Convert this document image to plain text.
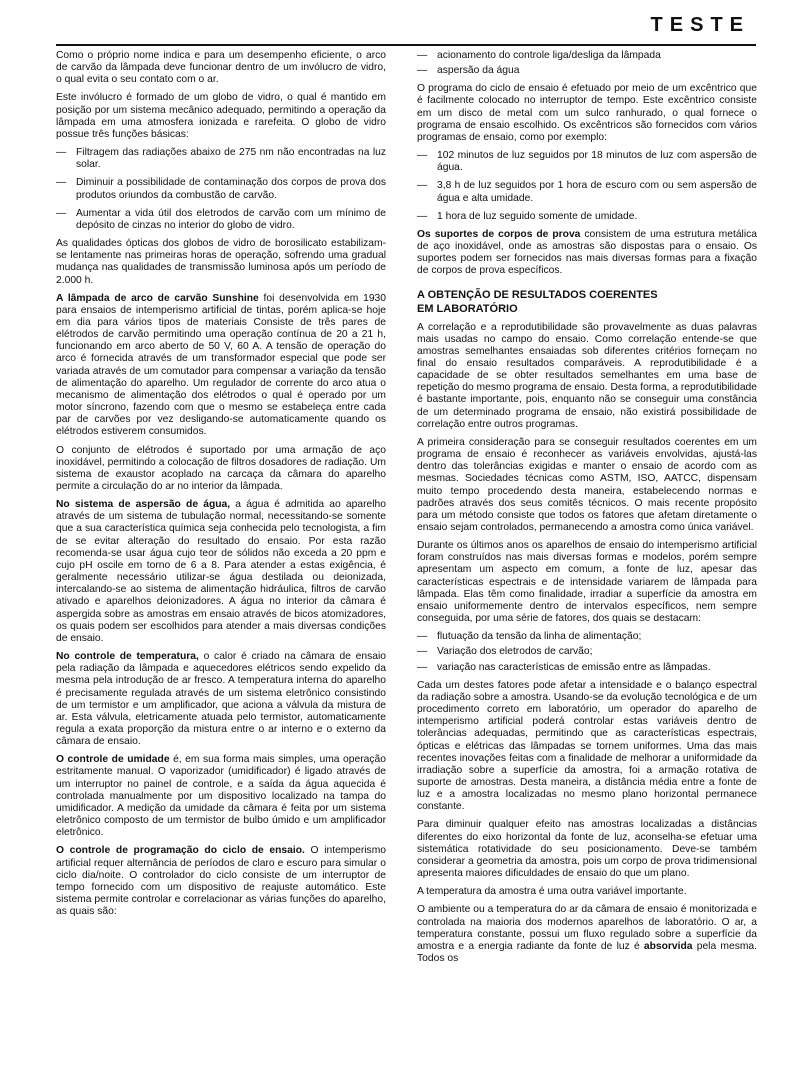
TESTE

Como o próprio nome indica e para um desempenho eficiente, o arco de carvão da lâmpada deve funcionar dentro de um invólucro de vidro, o qual evita o seu contato com o ar.

Este invólucro é formado de um globo de vidro, o qual é mantido em posição por um sistema mecânico adequado, permitindo a operação da lâmpada em uma atmosfera ionizada e rarefeita. O globo de vidro possue três funções básicas:

— Filtragem das radiações abaixo de 275 nm não encontradas na luz solar.
— Diminuir a possibilidade de contaminação dos corpos de prova dos produtos oriundos da combustão de carvão.
— Aumentar a vida útil dos eletrodos de carvão com um mínimo de depósito de cinzas no interior do globo de vidro.

As qualidades ópticas dos globos de vidro de borosilicato estabilizam-se lentamente nas primeiras horas de operação, sofrendo uma gradual mudança nas qualidades de transmissão luminosa após um período de 2.000 h.

A lâmpada de arco de carvão Sunshine foi desenvolvida em 1930 para ensaios de intemperismo artificial de tintas, porém aplica-se hoje em dia para vários tipos de materiais Consiste de três pares de elétrodos de carvão permitindo uma operação contínua de 20 a 21 h, funcionando em arco aberto de 50 V, 60 A. A tensão de operação do arco é fornecida através de um transformador especial que pode ser variada através de um comutador para compensar a variação da tensão de alimentação do aparelho. Um regulador de corrente do arco atua o mecanismo de alimentação dos elétrodos o qual é operado por um motor síncrono, fazendo com que o mesmo se estabeleça entre cada par de carvões por vez desligando-se automaticamente quando os elétrodos estiverem consumidos.

O conjunto de elétrodos é suportado por uma armação de aço inoxidável, permitindo a colocação de filtros dosadores de radiação. Um sistema de exaustor acoplado na carcaça da câmara do aparelho permite a circulação do ar no interior da lâmpada.

No sistema de aspersão de água, a água é admitida ao aparelho através de um sistema de tubulação normal, necessitando-se somente que a sua característica química seja conhecida pelo tecnologista, a fim de se evitar alteração do resultado do ensaio. Por esta razão recomenda-se usar água cujo teor de sólidos não exceda a 20 ppm e cujo pH oscile em torno de 6 a 8. Para atender a estas exigência, é geralmente necessário utilizar-se água destilada ou deionizada, intercalando-se ao sistema de alimentação hidráulica, filtros de carvão ativado e aparelhos deionizadores. A água no interior da câmara é aspergida sobre as amostras em ensaio através de bicos atomizadores, os quais podem ser escolhidos para atender a mais diversas condições de ensaio.

No controle de temperatura, o calor é criado na câmara de ensaio pela radiação da lâmpada e aquecedores elétricos sendo expelido da mesma pela introdução de ar fresco. A temperatura interna do aparelho é precisamente regulada através de um sistema eletrônico consistindo de um termistor e um amplificador, que aciona a válvula da mistura de ar. Esta válvula, eletricamente atuada pelo termistor, automaticamente regula a exata proporção da mistura entre o ar interno e o externo da câmara de ensaio.

O controle de umidade é, em sua forma mais simples, uma operação estritamente manual. O vaporizador (umidificador) é ligado através de um interruptor no painel de controle, e a saída da água aquecida é controlada manualmente por um dispositivo localizado na tampa do umidificador. A medição da umidade da câmara é feita por um sistema eletrônico composto de um termistor de bulbo úmido e um amplificador eletrônico.

O controle de programação do ciclo de ensaio. O intemperismo artificial requer alternância de períodos de claro e escuro para simular o ciclo dia/noite. O controlador do ciclo consiste de um interruptor de tempo fornecido com um dispositivo de reajuste automático. Este sistema permite controlar e correlacionar as várias funções do aparelho, as quais são:

— acionamento do controle liga/desliga da lâmpada
— aspersão da água

O programa do ciclo de ensaio é efetuado por meio de um excêntrico que é facilmente colocado no interruptor de tempo. Este excêntrico consiste em um disco de metal com um sulco ranhurado, o qual fornece o programa de ensaio escolhido. Os excêntricos são fornecidos com vários programas de ensaio, como por exemplo:

— 102 minutos de luz seguidos por 18 minutos de luz com aspersão de água.
— 3,8 h de luz seguidos por 1 hora de escuro com ou sem aspersão de água e alta umidade.
— 1 hora de luz seguido somente de umidade.

Os suportes de corpos de prova consistem de uma estrutura metálica de aço inoxidável, onde as amostras são dispostas para o ensaio. Os suportes podem ser fornecidos nas mais diversas formas para a fixação de corpos de prova específicos.

A OBTENÇÃO DE RESULTADOS COERENTES
EM LABORATÓRIO

A correlação e a reprodutibilidade são provavelmente as duas palavras mais usadas no campo do ensaio. Como correlação entende-se que amostras semelhantes ensaiadas sob diferentes critérios forneçam no final do ensaio resultados comparáveis. A reprodutibilidade é a capacidade de se obter resultados semelhantes em uma base de repetição do mesmo programa de ensaio. Desta forma, a reprodutibilidade é bastante importante, pois, enquanto não se conseguir uma constância de um determinado programa de ensaio, não existirá possibilidade de correlação entre outros programas.

A primeira consideração para se conseguir resultados coerentes em um programa de ensaio é reconhecer as variáveis envolvidas, ajustá-las dentro das tolerâncias exigidas e manter o ensaio de acordo com as mesmas. Sociedades técnicas como ASTM, ISO, AATCC, dispensam muito tempo procedendo desta maneira, estabelecendo normas e padrões através dos seus comitês técnicos. O mais recente propósito para um método consiste que todos os fatores que afetam diretamente o ensaio sejam controlados, permanecendo a amostra como única variável.

Durante os últimos anos os aparelhos de ensaio do intemperismo artificial foram construídos nas mais diversas formas e modelos, porém sempre apresentam um aspecto em comum, a fonte de luz, apesar das características espectrais e de intensidade variarem de lâmpada para lâmpada. Elas têm como finalidade, irradiar a superfície da amostra em ensaio uniformemente dentro de intervalos específicos, nem sempre conseguida, por uma série de fatores, dos quais se destacam:

— flutuação da tensão da linha de alimentação;
— Variação dos eletrodos de carvão;
— variação nas características de emissão entre as lâmpadas.

Cada um destes fatores pode afetar a intensidade e o balanço espectral da radiação sobre a amostra. Usando-se da evolução tecnológica e de um procedimento correto em laboratório, um operador do aparelho de intemperismo artificial poderá controlar estas variáveis dentro de tolerâncias adequadas, permitindo que as características espectrais, ópticas e elétricas das lâmpadas se tornem uniformes. Uma das mais recentes inovações feitas com a finalidade de melhorar a uniformidade da irradiação sobre a superfície da amostra, foi a armação rotativa de suporte de amostras. Desta maneira, a distância média entre a fonte de luz e a amostra localizadas no mesmo plano horizontal permanece constante.

Para diminuir qualquer efeito nas amostras localizadas a distâncias diferentes do eixo horizontal da fonte de luz, aconselha-se efetuar uma sistemática rotatividade do seu posicionamento. Deve-se também considerar a geometria da amostra, pois um corpo de prova tridimensional apresenta maiores dificuldades de ensaio do que um plano.

A temperatura da amostra é uma outra variável importante.

O ambiente ou a temperatura do ar da câmara de ensaio é monitorizada e controlada na maioria dos modernos aparelhos de laboratório. O ar, a temperatura constante, possui um fluxo regulado sobre a superfície da amostra e a energia radiante da fonte de luz é absorvida pela mesma. Todos os
